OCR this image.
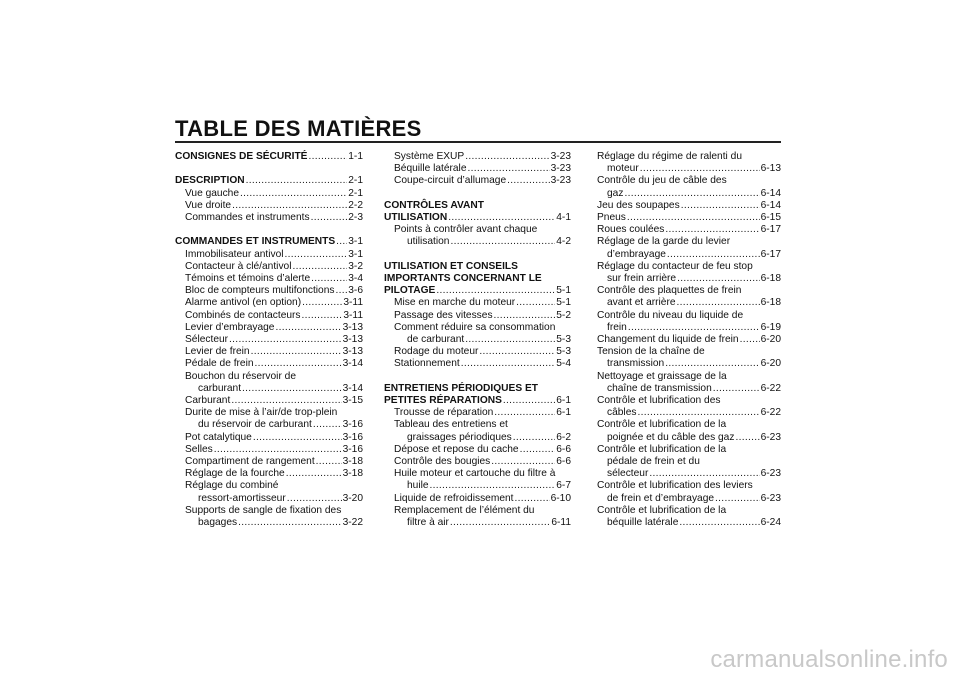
TABLE DES MATIÈRES
CONSIGNES DE SÉCURITÉ .....	1-1
DESCRIPTION .....	2-1
Vue gauche .....	2-1
Vue droite .....	2-2
Commandes et instruments .....	2-3
COMMANDES ET INSTRUMENTS ..... 3-1
Immobilisateur antivol .....	3-1
Contacteur à clé/antivol .....	3-2
Témoins et témoins d’alerte .....	3-4
Bloc de compteurs multifonctions ..... 3-6
Alarme antivol (en option) .....	3-11
Combinés de contacteurs .....	3-11
Levier d’embrayage .....	3-13
Sélecteur .....	3-13
Levier de frein .....	3-13
Pédale de frein .....	3-14
Bouchon du réservoir de
carburant .....	3-14
Carburant .....	3-15
Durite de mise à l’air/de trop-plein
du réservoir de carburant .....	3-16
Pot catalytique .....	3-16
Selles .....	3-16
Compartiment de rangement .....	3-18
Réglage de la fourche .....	3-18
Réglage du combiné
ressort-amortisseur .....	3-20
Supports de sangle de fixation des
bagages .....	3-22
Système EXUP .....	3-23
Béquille latérale .....	3-23
Coupe-circuit d’allumage .....	3-23
CONTRÔLES AVANT
UTILISATION .....	4-1
Points à contrôler avant chaque
utilisation .....	4-2
UTILISATION ET CONSEILS
IMPORTANTS CONCERNANT LE
PILOTAGE .....	5-1
Mise en marche du moteur .....	5-1
Passage des vitesses .....	5-2
Comment réduire sa consommation
de carburant .....	5-3
Rodage du moteur .....	5-3
Stationnement .....	5-4
ENTRETIENS PÉRIODIQUES ET
PETITES RÉPARATIONS .....	6-1
Trousse de réparation .....	6-1
Tableau des entretiens et
graissages périodiques .....	6-2
Dépose et repose du cache .....	6-6
Contrôle des bougies .....	6-6
Huile moteur et cartouche du filtre à
huile .....	6-7
Liquide de refroidissement .....	6-10
Remplacement de l’élément du
filtre à air .....	6-11
Réglage du régime de ralenti du
moteur .....	6-13
Contrôle du jeu de câble des
gaz .....	6-14
Jeu des soupapes .....	6-14
Pneus .....	6-15
Roues coulées .....	6-17
Réglage de la garde du levier
d’embrayage .....	6-17
Réglage du contacteur de feu stop
sur frein arrière .....	6-18
Contrôle des plaquettes de frein
avant et arrière .....	6-18
Contrôle du niveau du liquide de
frein .....	6-19
Changement du liquide de frein ..... 6-20
Tension de la chaîne de
transmission .....	6-20
Nettoyage et graissage de la
chaîne de transmission .....	6-22
Contrôle et lubrification des
câbles .....	6-22
Contrôle et lubrification de la
poignée et du câble des gaz .....	6-23
Contrôle et lubrification de la
pédale de frein et du
sélecteur .....	6-23
Contrôle et lubrification des leviers
de frein et d’embrayage .....	6-23
Contrôle et lubrification de la
béquille latérale .....	6-24
carmanualsonline.info
